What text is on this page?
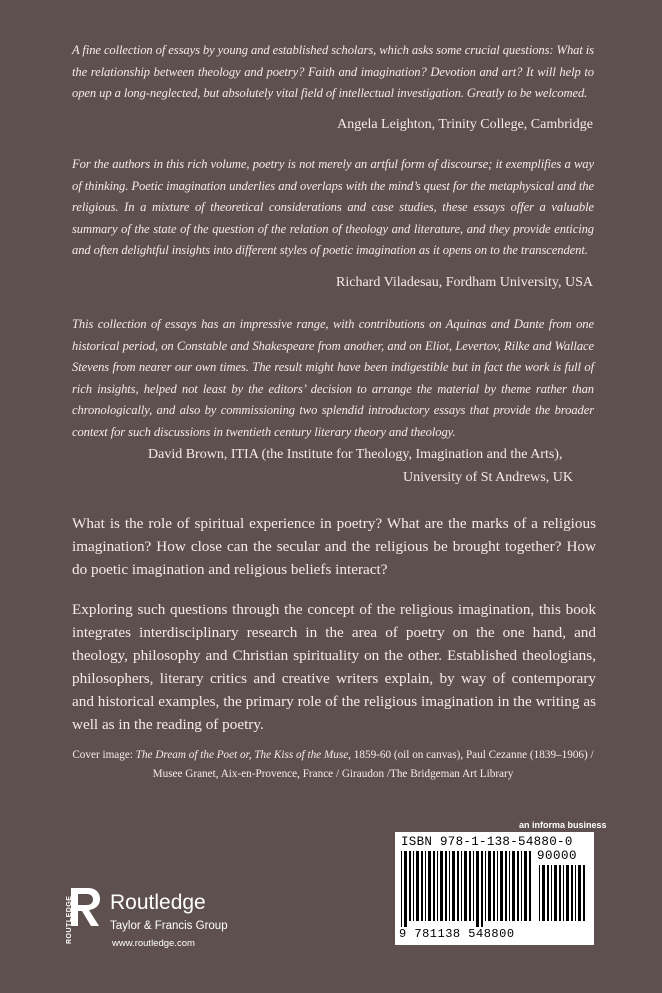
A fine collection of essays by young and established scholars, which asks some crucial questions: What is the relationship between theology and poetry? Faith and imagination? Devotion and art? It will help to open up a long-neglected, but absolutely vital field of intellectual investigation. Greatly to be welcomed.
Angela Leighton, Trinity College, Cambridge
For the authors in this rich volume, poetry is not merely an artful form of discourse; it exemplifies a way of thinking. Poetic imagination underlies and overlaps with the mind’s quest for the metaphysical and the religious. In a mixture of theoretical considerations and case studies, these essays offer a valuable summary of the state of the question of the relation of theology and literature, and they provide enticing and often delightful insights into different styles of poetic imagination as it opens on to the transcendent.
Richard Viladesau, Fordham University, USA
This collection of essays has an impressive range, with contributions on Aquinas and Dante from one historical period, on Constable and Shakespeare from another, and on Eliot, Levertov, Rilke and Wallace Stevens from nearer our own times. The result might have been indigestible but in fact the work is full of rich insights, helped not least by the editors’ decision to arrange the material by theme rather than chronologically, and also by commissioning two splendid introductory essays that provide the broader context for such discussions in twentieth century literary theory and theology.
David Brown, ITIA (the Institute for Theology, Imagination and the Arts),
University of St Andrews, UK
What is the role of spiritual experience in poetry? What are the marks of a religious imagination? How close can the secular and the religious be brought together? How do poetic imagination and religious beliefs interact?
Exploring such questions through the concept of the religious imagination, this book integrates interdisciplinary research in the area of poetry on the one hand, and theology, philosophy and Christian spirituality on the other. Established theologians, philosophers, literary critics and creative writers explain, by way of contemporary and historical examples, the primary role of the religious imagination in the writing as well as in the reading of poetry.
Cover image: The Dream of the Poet or, The Kiss of the Muse, 1859-60 (oil on canvas), Paul Cezanne (1839–1906) /
Musee Granet, Aix-en-Provence, France / Giraudon /The Bridgeman Art Library
an informa business
ISBN 978-1-138-54880-0
90000
9 781138 548800
ROUTLEDGE	Routledge
Taylor & Francis Group
www.routledge.com
